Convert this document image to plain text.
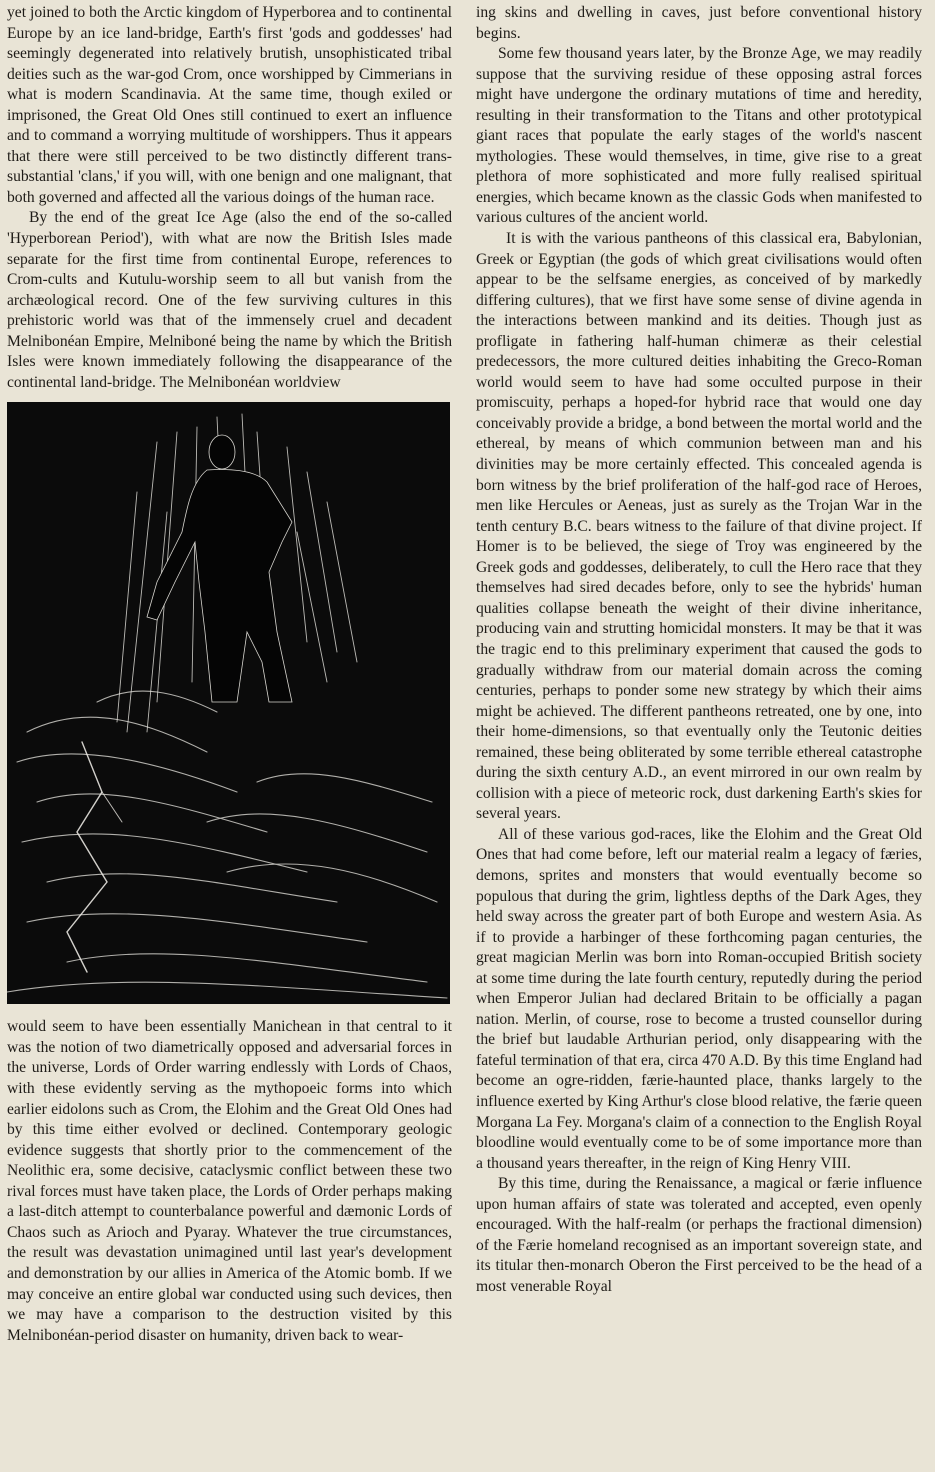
yet joined to both the Arctic kingdom of Hyperborea and to continental Europe by an ice land-bridge, Earth's first 'gods and goddesses' had seemingly degenerated into relatively brutish, unsophisticated tribal deities such as the war-god Crom, once worshipped by Cimmerians in what is modern Scandinavia. At the same time, though exiled or imprisoned, the Great Old Ones still continued to exert an influence and to command a worrying multitude of worshippers. Thus it appears that there were still perceived to be two distinctly different trans-substantial 'clans,' if you will, with one benign and one malignant, that both governed and affected all the various doings of the human race.

By the end of the great Ice Age (also the end of the so-called 'Hyperborean Period'), with what are now the British Isles made separate for the first time from continental Europe, references to Crom-cults and Kutulu-worship seem to all but vanish from the archæological record. One of the few surviving cultures in this prehistoric world was that of the immensely cruel and decadent Melnibonéan Empire, Melniboné being the name by which the British Isles were known immediately following the disappearance of the continental land-bridge. The Melnibonéan worldview

would seem to have been essentially Manichean in that central to it was the notion of two diametrically opposed and adversarial forces in the universe, Lords of Order warring endlessly with Lords of Chaos, with these evidently serving as the mythopoeic forms into which earlier eidolons such as Crom, the Elohim and the Great Old Ones had by this time either evolved or declined. Contemporary geologic evidence suggests that shortly prior to the commencement of the Neolithic era, some decisive, cataclysmic conflict between these two rival forces must have taken place, the Lords of Order perhaps making a last-ditch attempt to counterbalance powerful and dæmonic Lords of Chaos such as Arioch and Pyaray. Whatever the true circumstances, the result was devastation unimagined until last year's development and demonstration by our allies in America of the Atomic bomb. If we may conceive an entire global war conducted using such devices, then we may have a comparison to the destruction visited by this Melnibonéan-period disaster on humanity, driven back to wear-

ing skins and dwelling in caves, just before conventional history begins.

Some few thousand years later, by the Bronze Age, we may readily suppose that the surviving residue of these opposing astral forces might have undergone the ordinary mutations of time and heredity, resulting in their transformation to the Titans and other prototypical giant races that populate the early stages of the world's nascent mythologies. These would themselves, in time, give rise to a great plethora of more sophisticated and more fully realised spiritual energies, which became known as the classic Gods when manifested to various cultures of the ancient world.

It is with the various pantheons of this classical era, Babylonian, Greek or Egyptian (the gods of which great civilisations would often appear to be the selfsame energies, as conceived of by markedly differing cultures), that we first have some sense of divine agenda in the interactions between mankind and its deities. Though just as profligate in fathering half-human chimeræ as their celestial predecessors, the more cultured deities inhabiting the Greco-Roman world would seem to have had some occulted purpose in their promiscuity, perhaps a hoped-for hybrid race that would one day conceivably provide a bridge, a bond between the mortal world and the ethereal, by means of which communion between man and his divinities may be more certainly effected. This concealed agenda is born witness by the brief proliferation of the half-god race of Heroes, men like Hercules or Aeneas, just as surely as the Trojan War in the tenth century B.C. bears witness to the failure of that divine project. If Homer is to be believed, the siege of Troy was engineered by the Greek gods and goddesses, deliberately, to cull the Hero race that they themselves had sired decades before, only to see the hybrids' human qualities collapse beneath the weight of their divine inheritance, producing vain and strutting homicidal monsters. It may be that it was the tragic end to this preliminary experiment that caused the gods to gradually withdraw from our material domain across the coming centuries, perhaps to ponder some new strategy by which their aims might be achieved. The different pantheons retreated, one by one, into their home-dimensions, so that eventually only the Teutonic deities remained, these being obliterated by some terrible ethereal catastrophe during the sixth century A.D., an event mirrored in our own realm by collision with a piece of meteoric rock, dust darkening Earth's skies for several years.

All of these various god-races, like the Elohim and the Great Old Ones that had come before, left our material realm a legacy of færies, demons, sprites and monsters that would eventually become so populous that during the grim, lightless depths of the Dark Ages, they held sway across the greater part of both Europe and western Asia. As if to provide a harbinger of these forthcoming pagan centuries, the great magician Merlin was born into Roman-occupied British society at some time during the late fourth century, reputedly during the period when Emperor Julian had declared Britain to be officially a pagan nation. Merlin, of course, rose to become a trusted counsellor during the brief but laudable Arthurian period, only disappearing with the fateful termination of that era, circa 470 A.D. By this time England had become an ogre-ridden, færie-haunted place, thanks largely to the influence exerted by King Arthur's close blood relative, the færie queen Morgana La Fey. Morgana's claim of a connection to the English Royal bloodline would eventually come to be of some importance more than a thousand years thereafter, in the reign of King Henry VIII.

By this time, during the Renaissance, a magical or færie influence upon human affairs of state was tolerated and accepted, even openly encouraged. With the half-realm (or perhaps the fractional dimension) of the Færie homeland recognised as an important sovereign state, and its titular then-monarch Oberon the First perceived to be the head of a most venerable Royal
